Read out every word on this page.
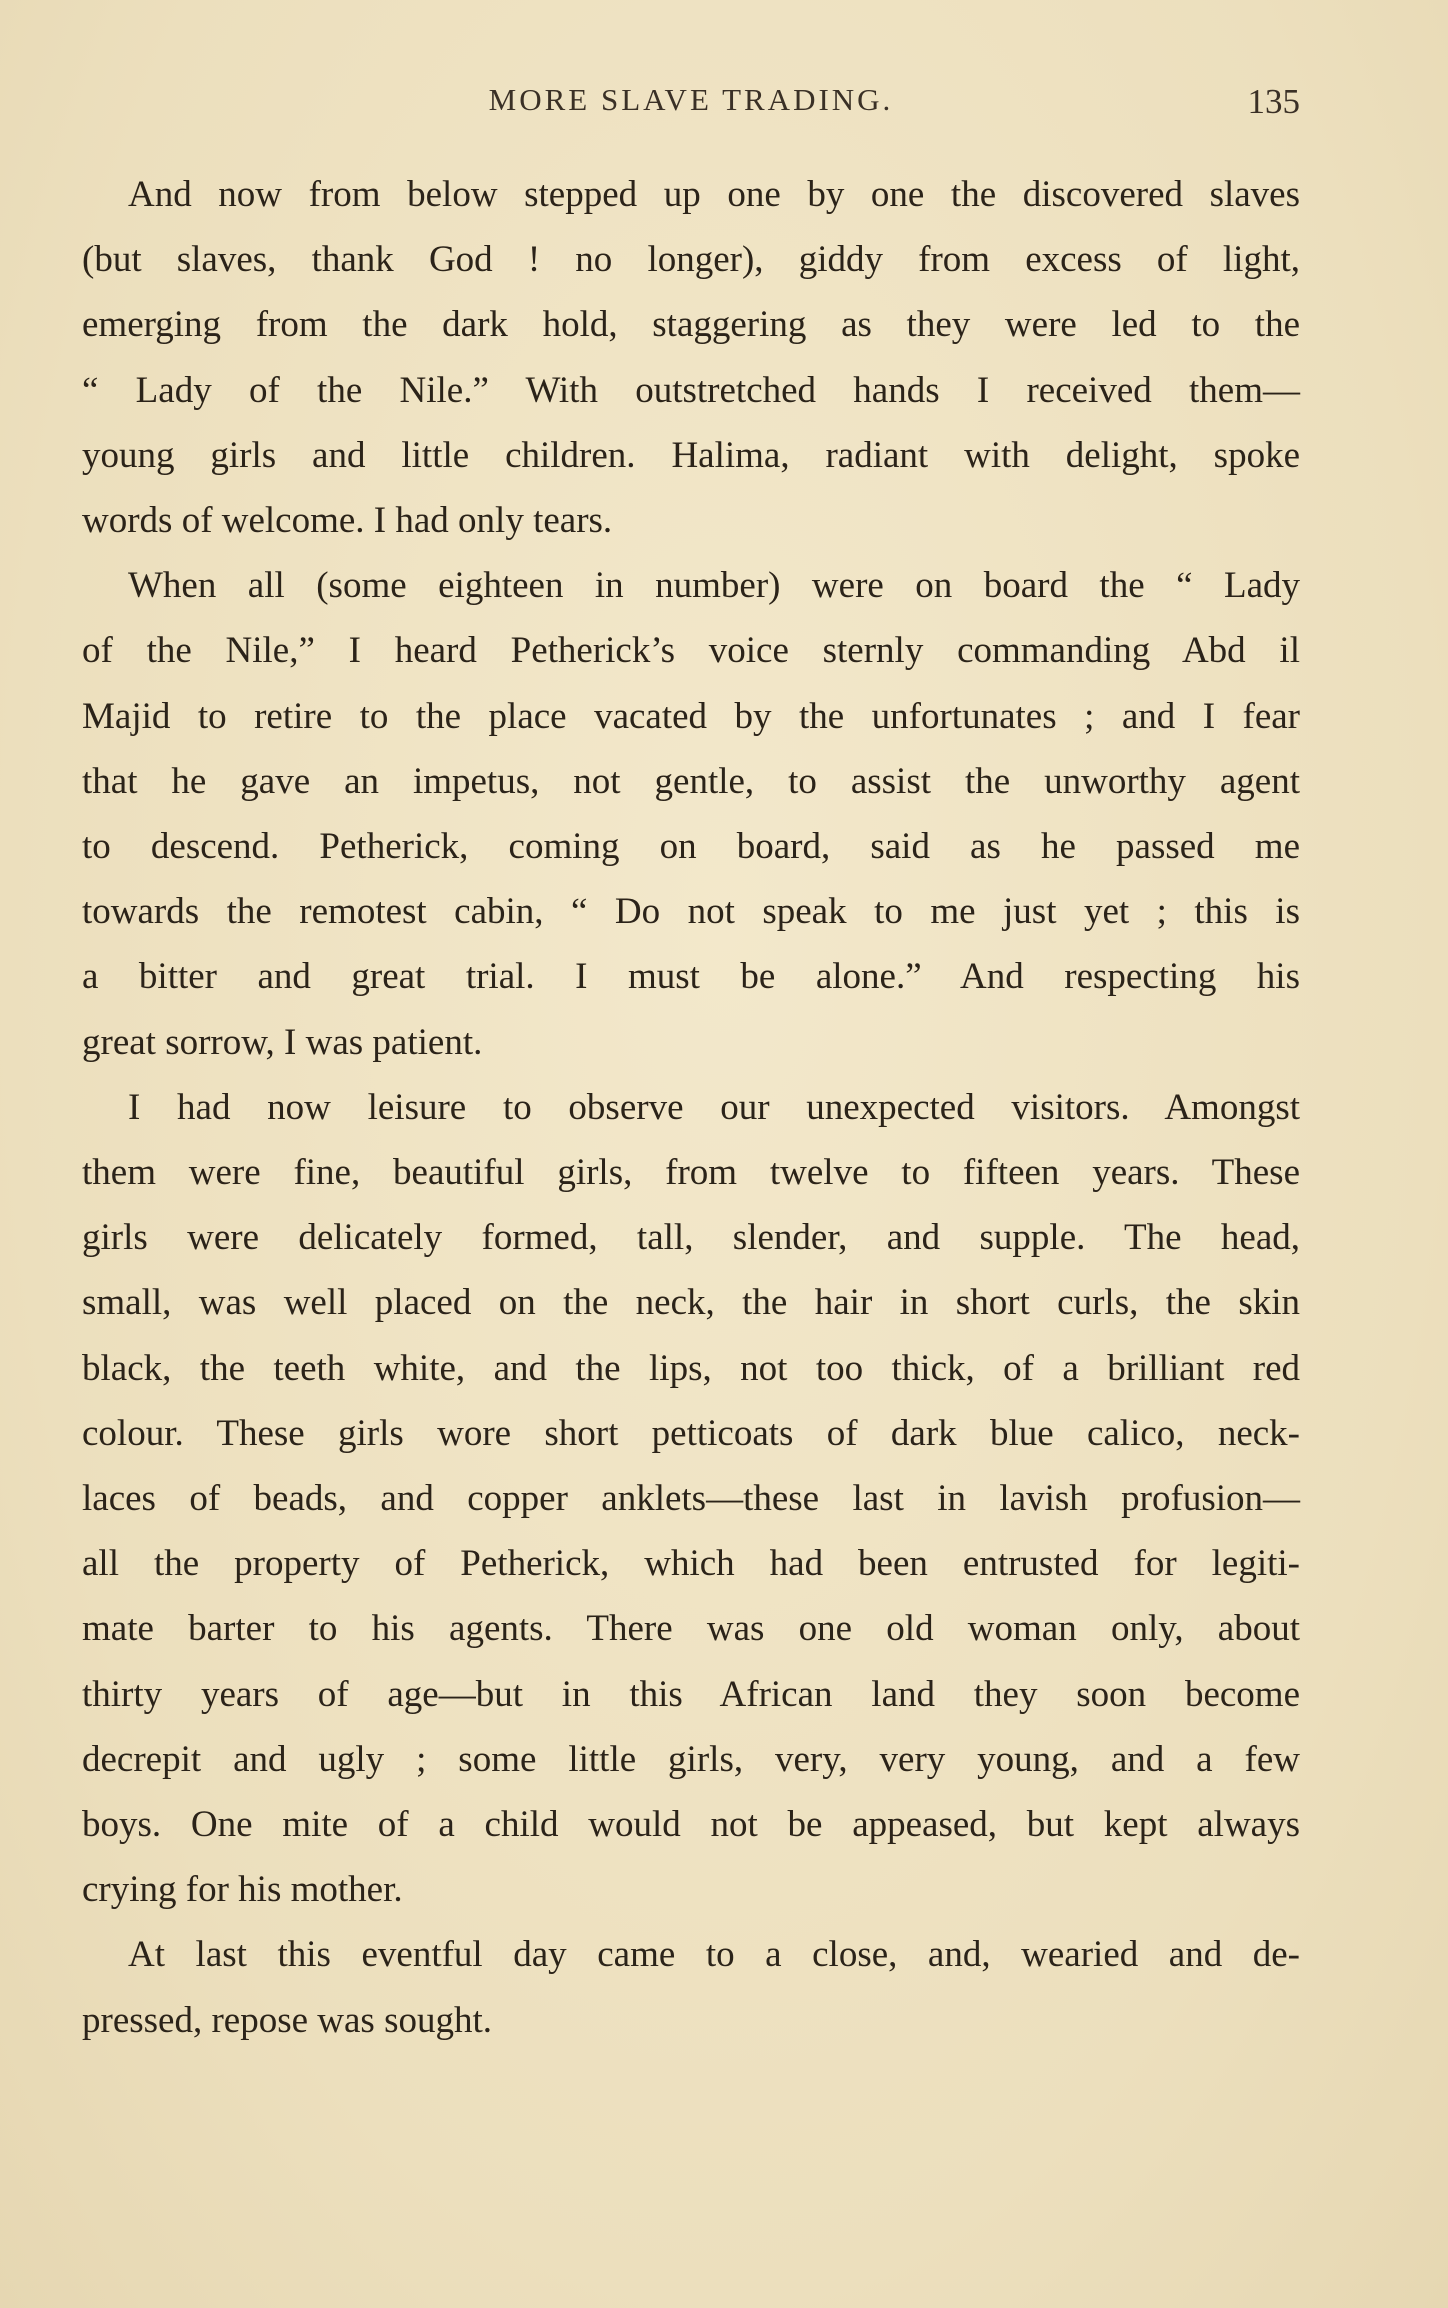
MORE SLAVE TRADING.	135
And now from below stepped up one by one the discovered slaves
(but slaves, thank God ! no longer), giddy from excess of light,
emerging from the dark hold, staggering as they were led to the
“ Lady of the Nile.” With outstretched hands I received them—
young girls and little children. Halima, radiant with delight, spoke
words of welcome. I had only tears.
When all (some eighteen in number) were on board the “ Lady
of the Nile,” I heard Petherick’s voice sternly commanding Abd il
Majid to retire to the place vacated by the unfortunates ; and I fear
that he gave an impetus, not gentle, to assist the unworthy agent
to descend. Petherick, coming on board, said as he passed me
towards the remotest cabin, “ Do not speak to me just yet ; this is
a bitter and great trial. I must be alone.” And respecting his
great sorrow, I was patient.
I had now leisure to observe our unexpected visitors. Amongst
them were fine, beautiful girls, from twelve to fifteen years. These
girls were delicately formed, tall, slender, and supple. The head,
small, was well placed on the neck, the hair in short curls, the skin
black, the teeth white, and the lips, not too thick, of a brilliant red
colour. These girls wore short petticoats of dark blue calico, neck-
laces of beads, and copper anklets—these last in lavish profusion—
all the property of Petherick, which had been entrusted for legiti-
mate barter to his agents. There was one old woman only, about
thirty years of age—but in this African land they soon become
decrepit and ugly ; some little girls, very, very young, and a few
boys. One mite of a child would not be appeased, but kept always
crying for his mother.
At last this eventful day came to a close, and, wearied and de-
pressed, repose was sought.
